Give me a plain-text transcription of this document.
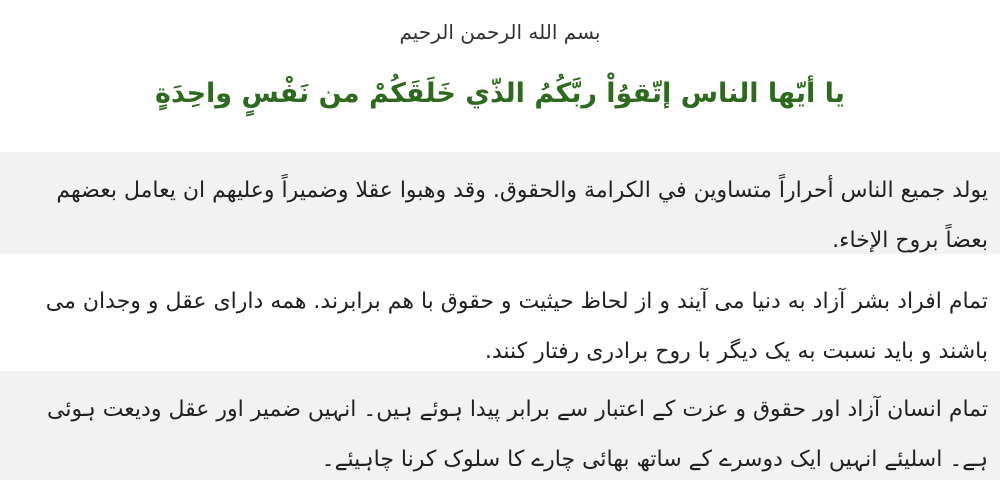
بسم الله الرحمن الرحيم
يا أيّها الناس إتّقوُاْ ربَّكُمُ الذّي خَلَقَكُمْ من نَفْسٍ واحِدَةٍ
يولد جميع الناس أحراراً متساوين في الكرامة والحقوق. وقد وهبوا عقلا وضميراً وعليهم ان يعامل بعضهم بعضاً بروح الإخاء.
تمام افراد بشر آزاد به دنیا می آیند و از لحاظ حیثیت و حقوق با هم برابرند. همه دارای عقل و وجدان می باشند و باید نسبت به یک دیگر با روح برادری رفتار کنند.
تمام انسان آزاد اور حقوق و عزت کے اعتبار سے برابر پیدا ہوئے ہیں۔ انہیں ضمیر اور عقل ودیعت ہوئی ہے۔ اسلیئے انہیں ایک دوسرے کے ساتھ بھائی چارے کا سلوک کرنا چاہیئے۔
